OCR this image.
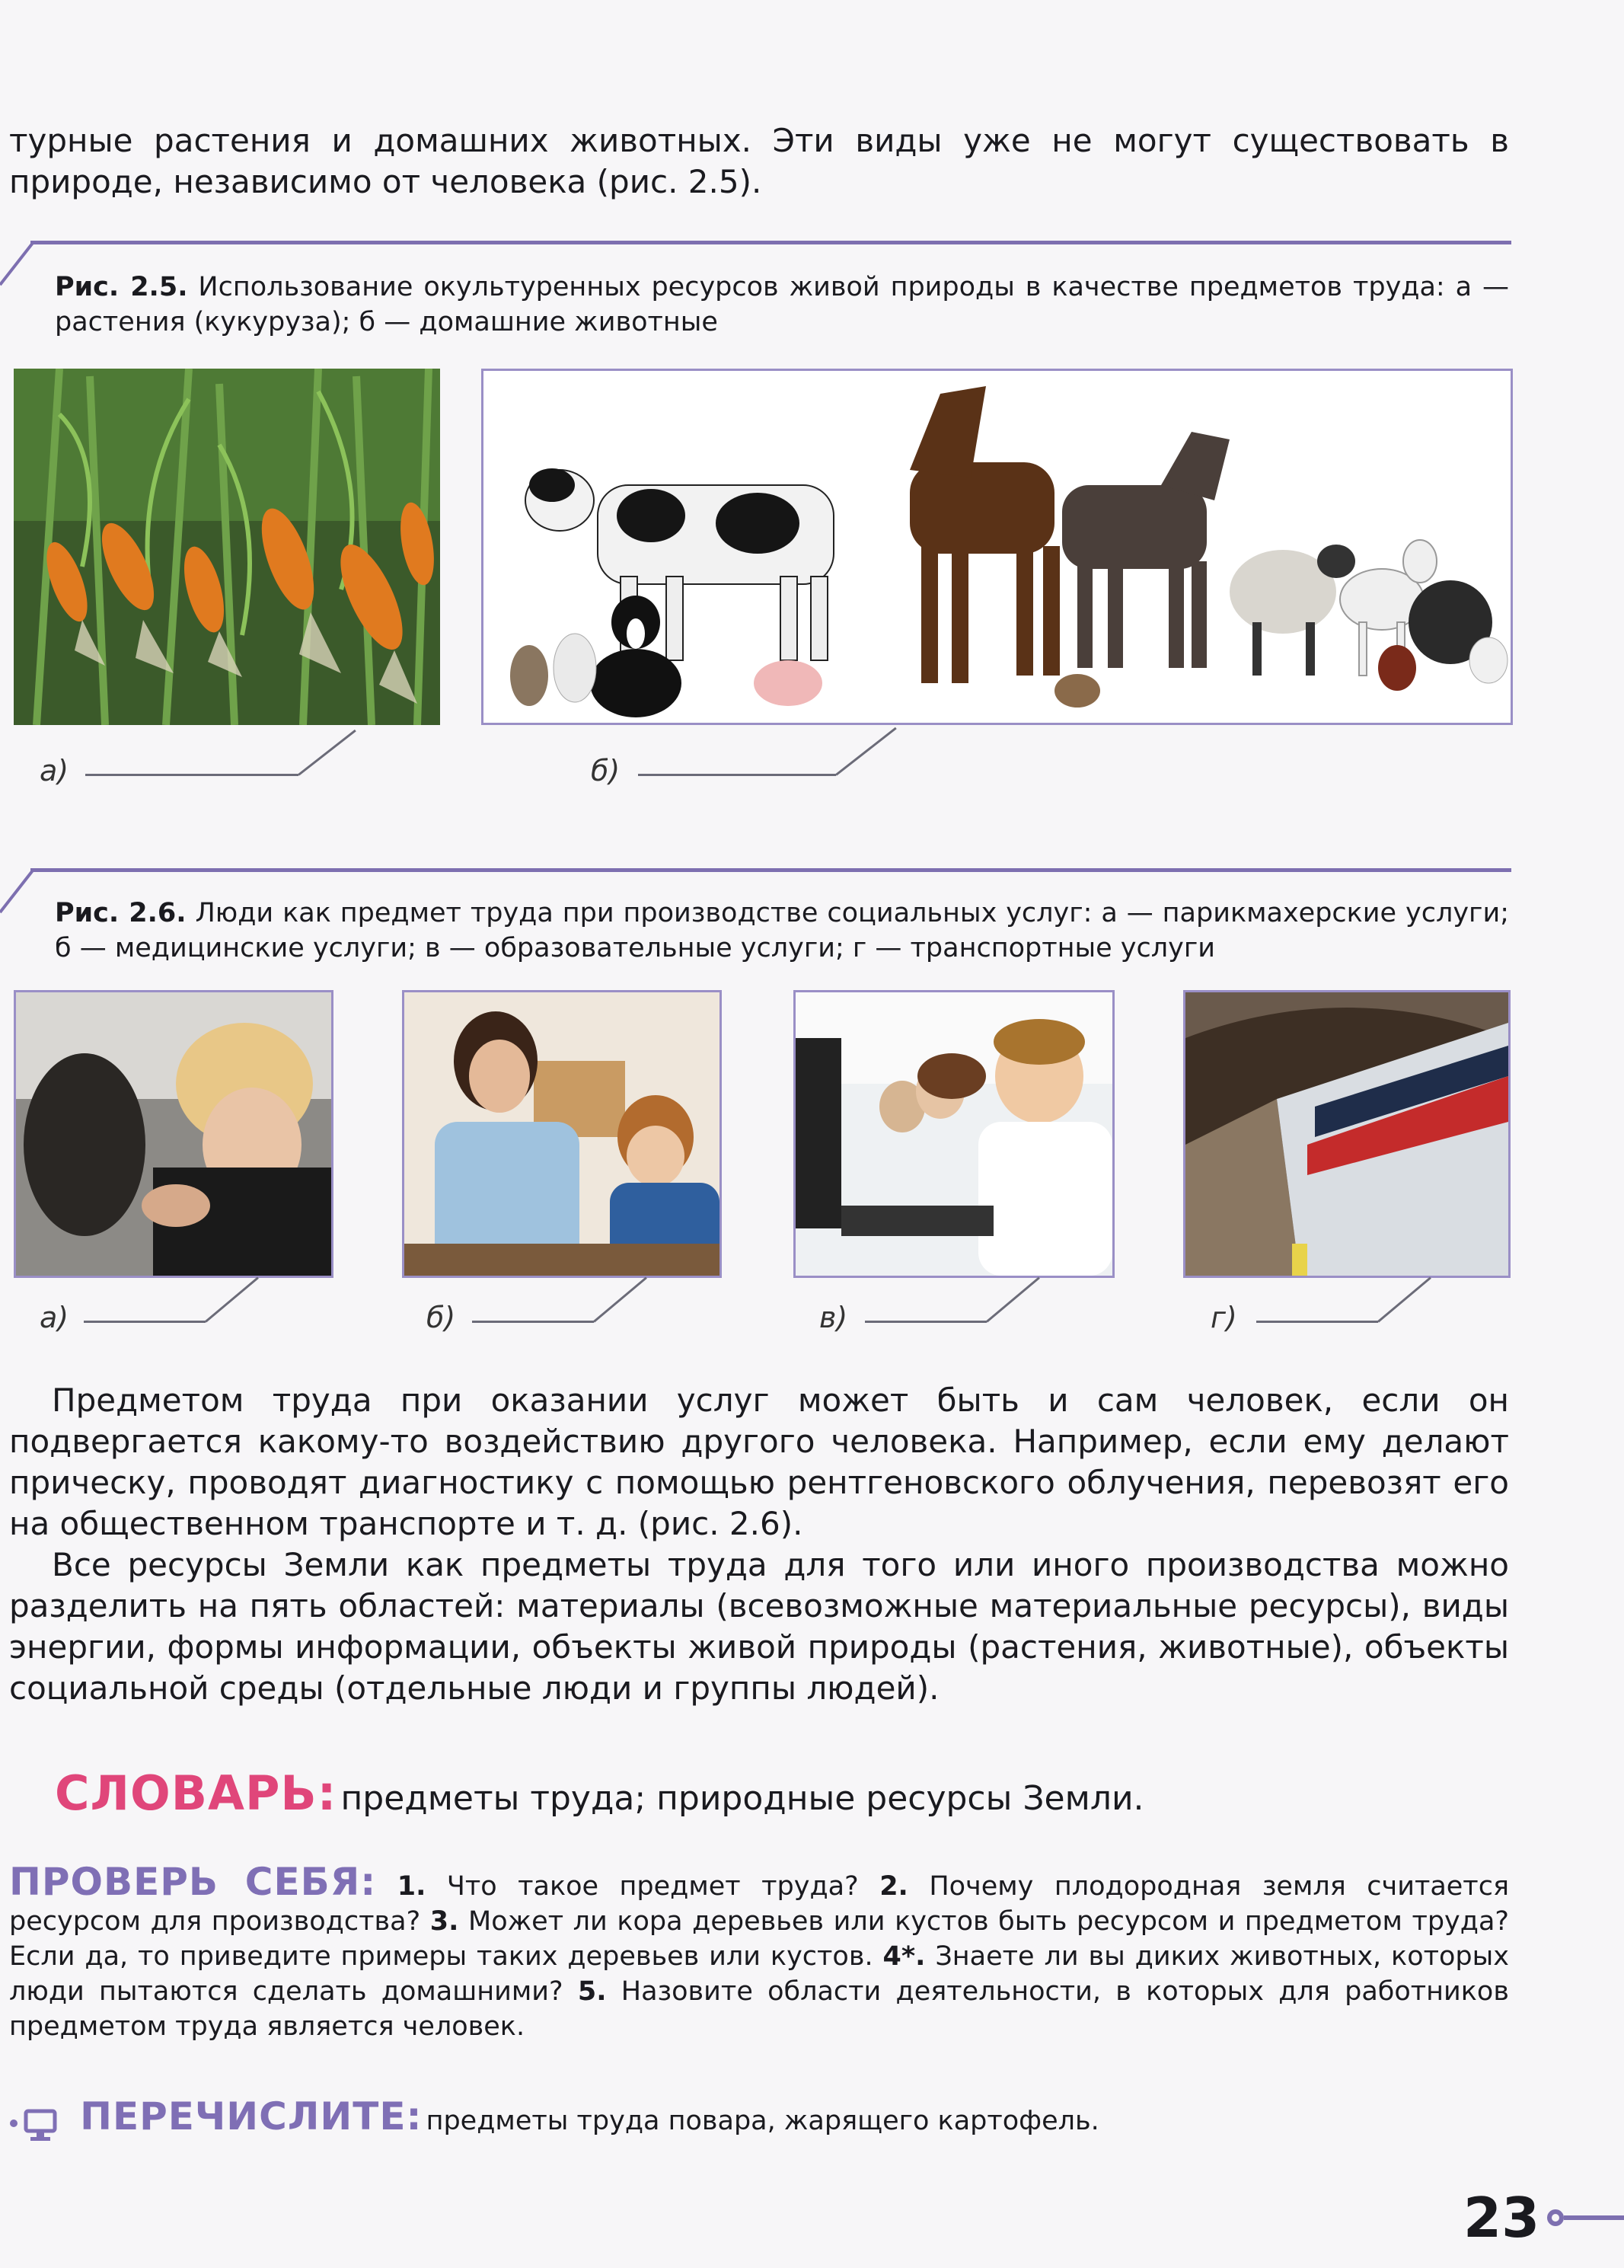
турные растения и домашних животных. Эти виды уже не могут существовать в природе, независимо от человека (рис. 2.5).

Рис. 2.5. Использование окультуренных ресурсов живой природы в качестве предметов труда: а — растения (кукуруза); б — домашние животные

а)	б)

Рис. 2.6. Люди как предмет труда при производстве социальных услуг: а — парикмахерские услуги; б — медицинские услуги; в — образовательные услуги; г — транспортные услуги

а)	б)	в)	г)

Предметом труда при оказании услуг может быть и сам человек, если он подвергается какому-то воздействию другого человека. Например, если ему делают прическу, проводят диагностику с помощью рентгеновского облучения, перевозят его на общественном транспорте и т. д. (рис. 2.6).

Все ресурсы Земли как предметы труда для того или иного производства можно разделить на пять областей: материалы (всевозможные материальные ресурсы), виды энергии, формы информации, объекты живой природы (растения, животные), объекты социальной среды (отдельные люди и группы людей).

СЛОВАРЬ: предметы труда; природные ресурсы Земли.
ПРОВЕРЬ СЕБЯ: 1. Что такое предмет труда? 2. Почему плодородная земля считается ресурсом для производства? 3. Может ли кора деревьев или кустов быть ресурсом и предметом труда? Если да, то приведите примеры таких деревьев или кустов. 4*. Знаете ли вы диких животных, которых люди пытаются сделать домашними? 5. Назовите области деятельности, в которых для работников предметом труда является человек.
ПЕРЕЧИСЛИТЕ: предметы труда повара, жарящего картофель.
23
